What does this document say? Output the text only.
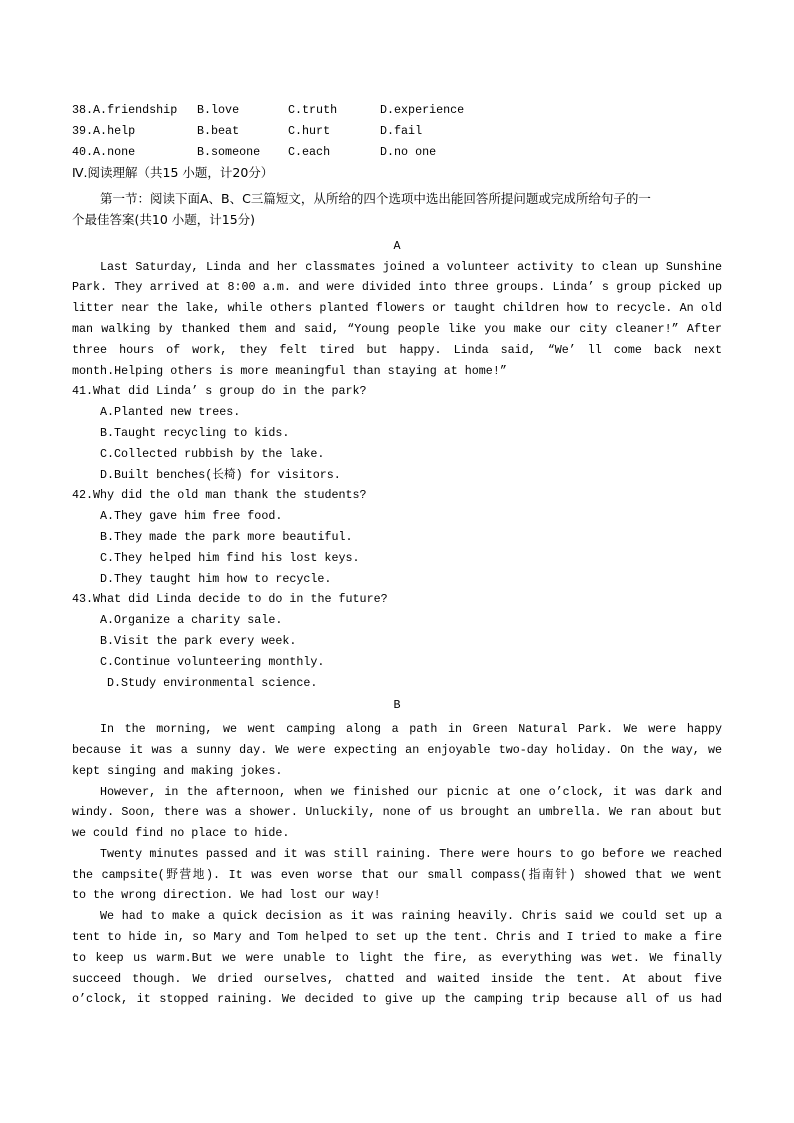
38.A.friendship	B.love	C.truth	D.experience
39.A.help	B.beat	C.hurt	D.fail
40.A.none	B.someone	C.each	D.no one
Ⅳ.阅读理解（共15 小题，计20分）
第一节：阅读下面A、B、C三篇短文，从所给的四个选项中选出能回答所提问题或完成所给句子的一
个最佳答案(共10 小题，计15分)
A
Last Saturday, Linda and her classmates joined a volunteer activity to clean up Sunshine
Park. They arrived at 8:00 a.m. and were divided into three groups. Linda’ s group picked up
litter near the lake, while others planted flowers or taught children how to recycle. An old
man walking by thanked them and said, “Young people like you make our city cleaner!” After
three hours of work, they felt tired but happy. Linda said, “We’ ll come back next
month.Helping others is more meaningful than staying at home!”
41.What did Linda’ s group do in the park?
A.Planted new trees.
B.Taught recycling to kids.
C.Collected rubbish by the lake.
D.Built benches(长椅) for visitors.
42.Why did the old man thank the students?
A.They gave him free food.
B.They made the park more beautiful.
C.They helped him find his lost keys.
D.They taught him how to recycle.
43.What did Linda decide to do in the future?
A.Organize a charity sale.
B.Visit the park every week.
C.Continue volunteering monthly.
D.Study environmental science.
B
In the morning, we went camping along a path in Green Natural Park. We were happy
because it was a sunny day. We were expecting an enjoyable two-day holiday. On the way, we
kept singing and making jokes.
However, in the afternoon, when we finished our picnic at one o’clock, it was dark and
windy. Soon, there was a shower. Unluckily, none of us brought an umbrella. We ran about but
we could find no place to hide.
Twenty minutes passed and it was still raining. There were hours to go before we reached
the campsite(野营地). It was even worse that our small compass(指南针) showed that we went
to the wrong direction. We had lost our way!
We had to make a quick decision as it was raining heavily. Chris said we could set up a
tent to hide in, so Mary and Tom helped to set up the tent. Chris and I tried to make a fire
to keep us warm.But we were unable to light the fire, as everything was wet. We finally
succeed though. We dried ourselves, chatted and waited inside the tent. At about five
o’clock, it stopped raining. We decided to give up the camping trip because all of us had
